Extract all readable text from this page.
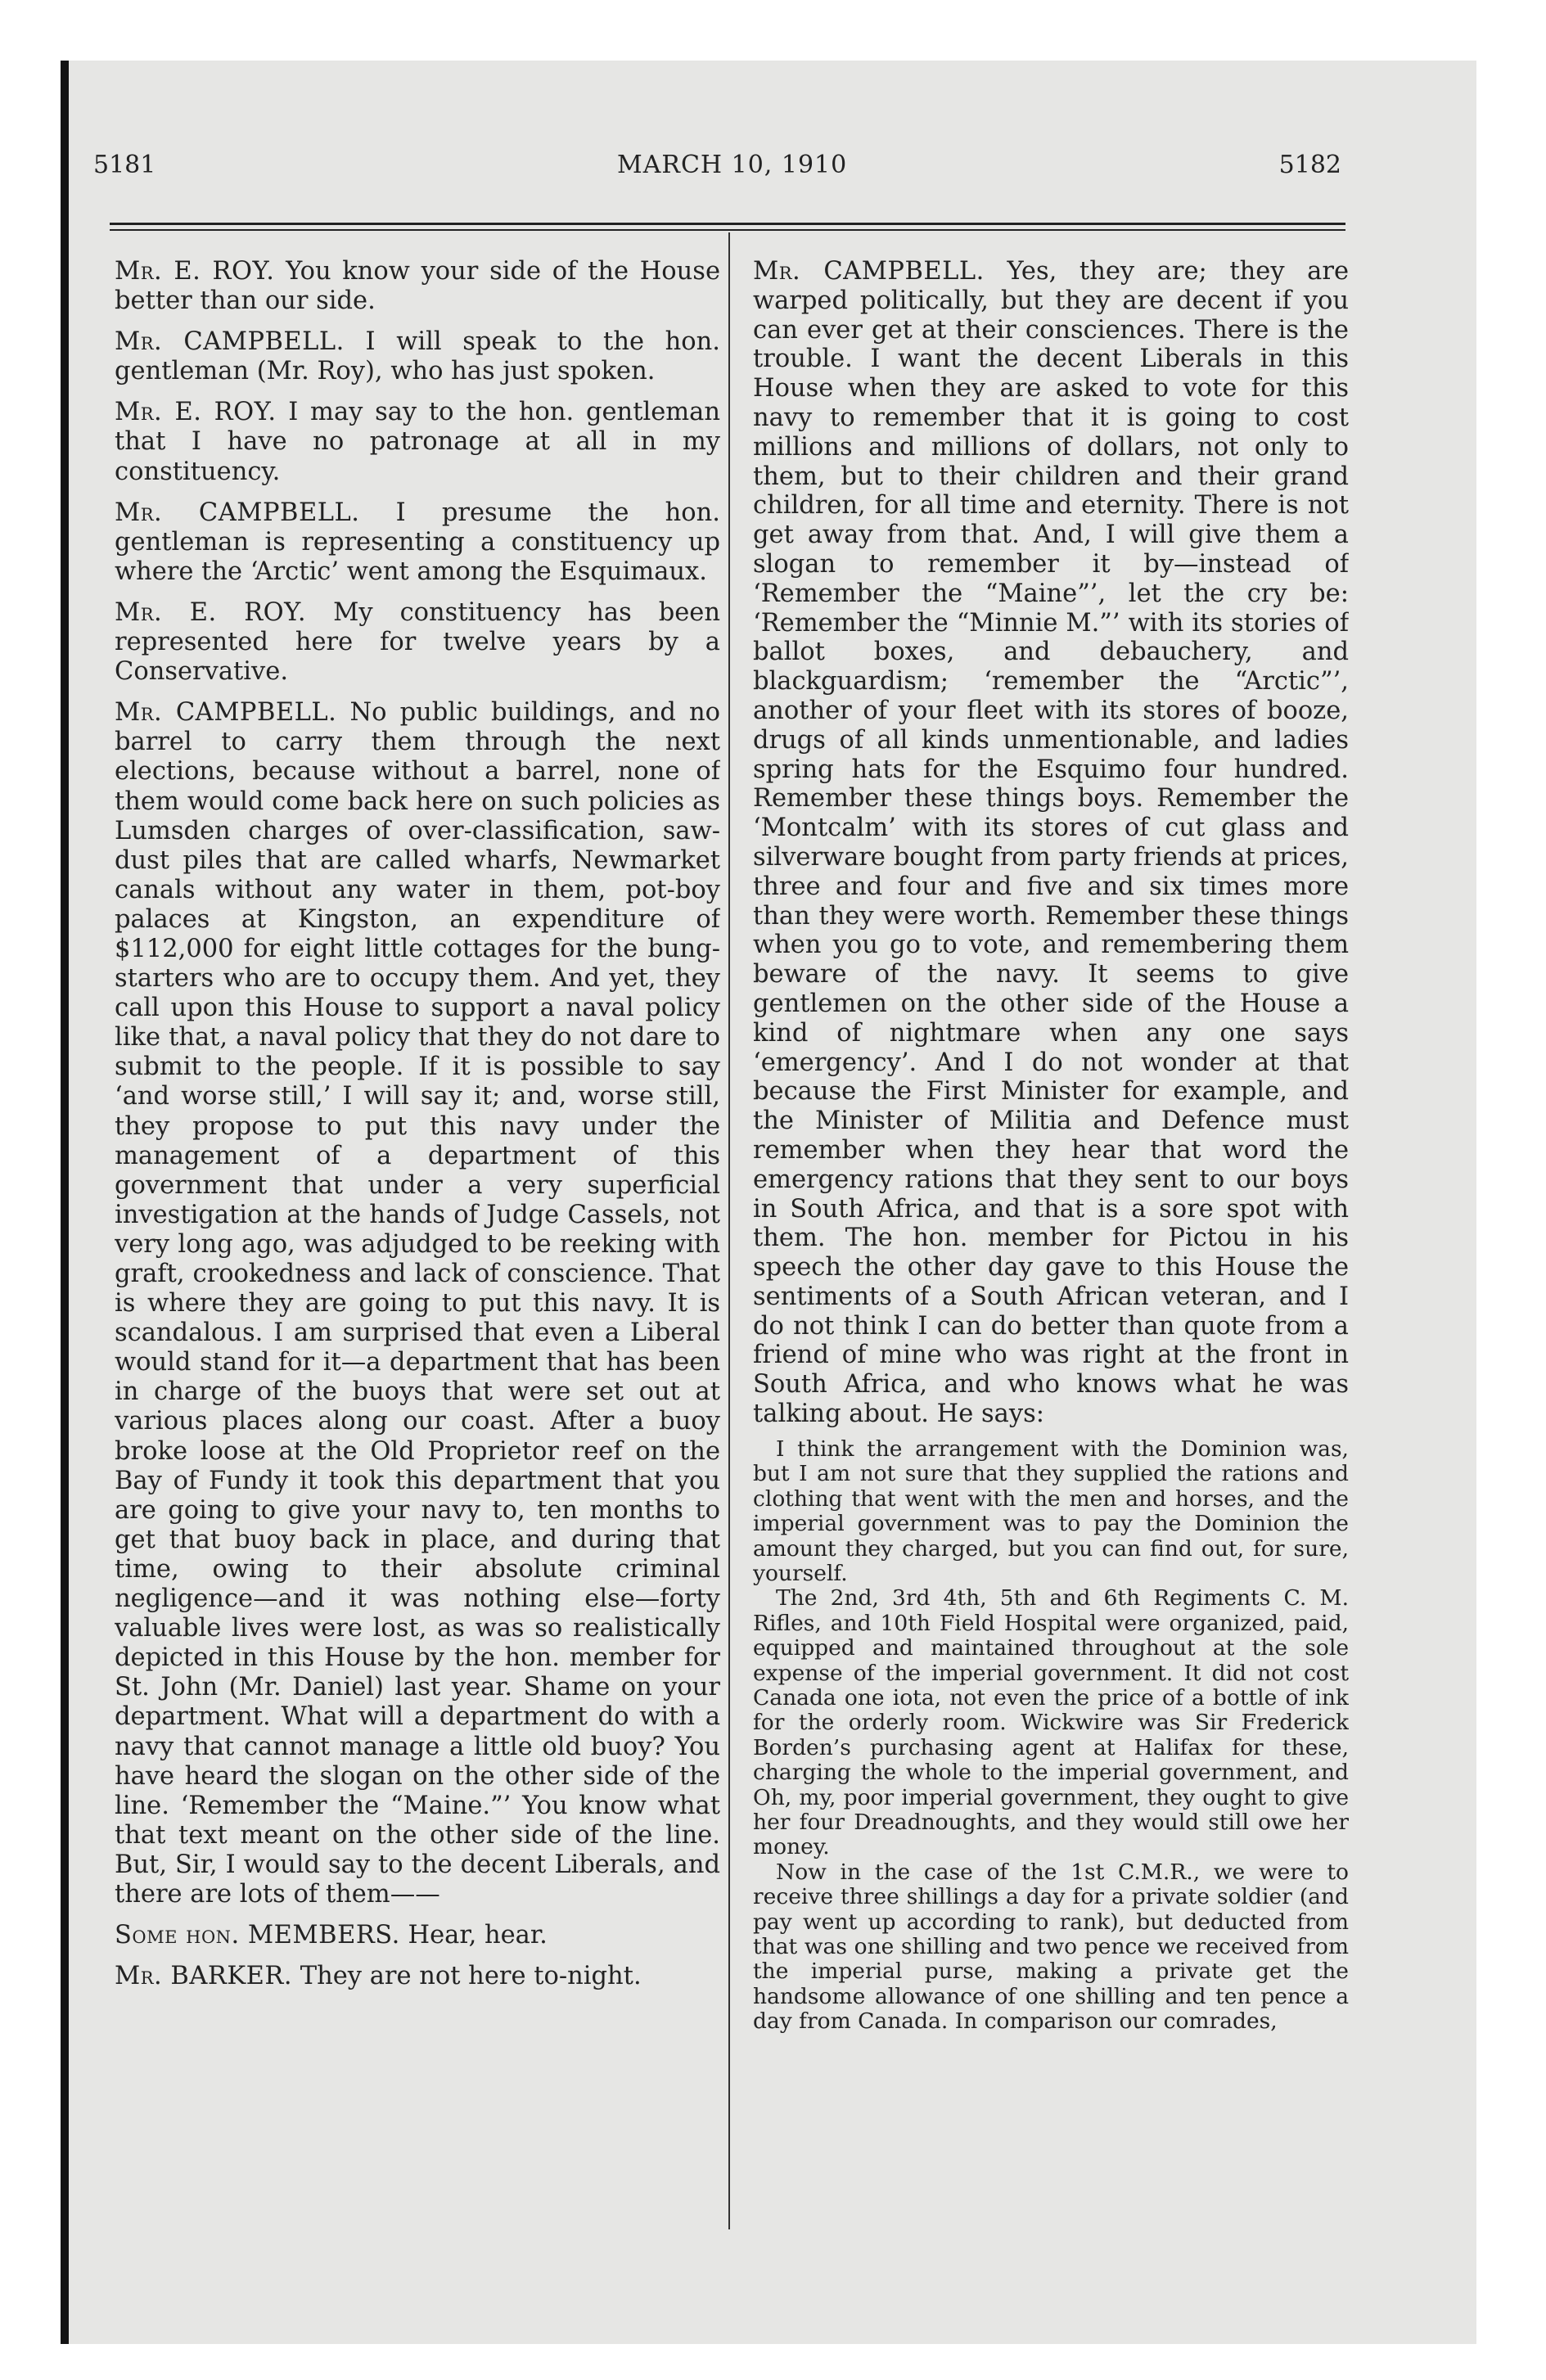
5181	MARCH 10, 1910	5182

Mr. E. ROY. You know your side of the House better than our side.

Mr. CAMPBELL. I will speak to the hon. gentleman (Mr. Roy), who has just spoken.

Mr. E. ROY. I may say to the hon. gentleman that I have no patronage at all in my constituency.

Mr. CAMPBELL. I presume the hon. gentleman is representing a constituency up where the ‘Arctic’ went among the Esquimaux.

Mr. E. ROY. My constituency has been represented here for twelve years by a Conservative.

Mr. CAMPBELL. No public buildings, and no barrel to carry them through the next elections, because without a barrel, none of them would come back here on such policies as Lumsden charges of over-classification, saw-dust piles that are called wharfs, Newmarket canals without any water in them, pot-boy palaces at Kingston, an expenditure of $112,000 for eight little cottages for the bung-starters who are to occupy them. And yet, they call upon this House to support a naval policy like that, a naval policy that they do not dare to submit to the people. If it is possible to say ‘and worse still,’ I will say it; and, worse still, they propose to put this navy under the management of a department of this government that under a very superficial investigation at the hands of Judge Cassels, not very long ago, was adjudged to be reeking with graft, crookedness and lack of conscience. That is where they are going to put this navy. It is scandalous. I am surprised that even a Liberal would stand for it—a department that has been in charge of the buoys that were set out at various places along our coast. After a buoy broke loose at the Old Proprietor reef on the Bay of Fundy it took this department that you are going to give your navy to, ten months to get that buoy back in place, and during that time, owing to their absolute criminal negligence—and it was nothing else—forty valuable lives were lost, as was so realistically depicted in this House by the hon. member for St. John (Mr. Daniel) last year. Shame on your department. What will a department do with a navy that cannot manage a little old buoy? You have heard the slogan on the other side of the line. ‘Remember the “Maine.”’ You know what that text meant on the other side of the line. But, Sir, I would say to the decent Liberals, and there are lots of them——

Some hon. MEMBERS. Hear, hear.

Mr. BARKER. They are not here to-night.

Mr. CAMPBELL. Yes, they are; they are warped politically, but they are decent if you can ever get at their consciences. There is the trouble. I want the decent Liberals in this House when they are asked to vote for this navy to remember that it is going to cost millions and millions of dollars, not only to them, but to their children and their grand children, for all time and eternity. There is not get away from that. And, I will give them a slogan to remember it by—instead of ‘Remember the “Maine”’, let the cry be: ‘Remember the “Minnie M.”’ with its stories of ballot boxes, and debauchery, and blackguardism; ‘remember the “Arctic”’, another of your fleet with its stores of booze, drugs of all kinds unmentionable, and ladies spring hats for the Esquimo four hundred. Remember these things boys. Remember the ‘Montcalm’ with its stores of cut glass and silverware bought from party friends at prices, three and four and five and six times more than they were worth. Remember these things when you go to vote, and remembering them beware of the navy. It seems to give gentlemen on the other side of the House a kind of nightmare when any one says ‘emergency’. And I do not wonder at that because the First Minister for example, and the Minister of Militia and Defence must remember when they hear that word the emergency rations that they sent to our boys in South Africa, and that is a sore spot with them. The hon. member for Pictou in his speech the other day gave to this House the sentiments of a South African veteran, and I do not think I can do better than quote from a friend of mine who was right at the front in South Africa, and who knows what he was talking about. He says:

I think the arrangement with the Dominion was, but I am not sure that they supplied the rations and clothing that went with the men and horses, and the imperial government was to pay the Dominion the amount they charged, but you can find out, for sure, yourself.

The 2nd, 3rd 4th, 5th and 6th Regiments C. M. Rifles, and 10th Field Hospital were organized, paid, equipped and maintained throughout at the sole expense of the imperial government. It did not cost Canada one iota, not even the price of a bottle of ink for the orderly room. Wickwire was Sir Frederick Borden’s purchasing agent at Halifax for these, charging the whole to the imperial government, and Oh, my, poor imperial government, they ought to give her four Dreadnoughts, and they would still owe her money.

Now in the case of the 1st C.M.R., we were to receive three shillings a day for a private soldier (and pay went up according to rank), but deducted from that was one shilling and two pence we received from the imperial purse, making a private get the handsome allowance of one shilling and ten pence a day from Canada. In comparison our comrades,
